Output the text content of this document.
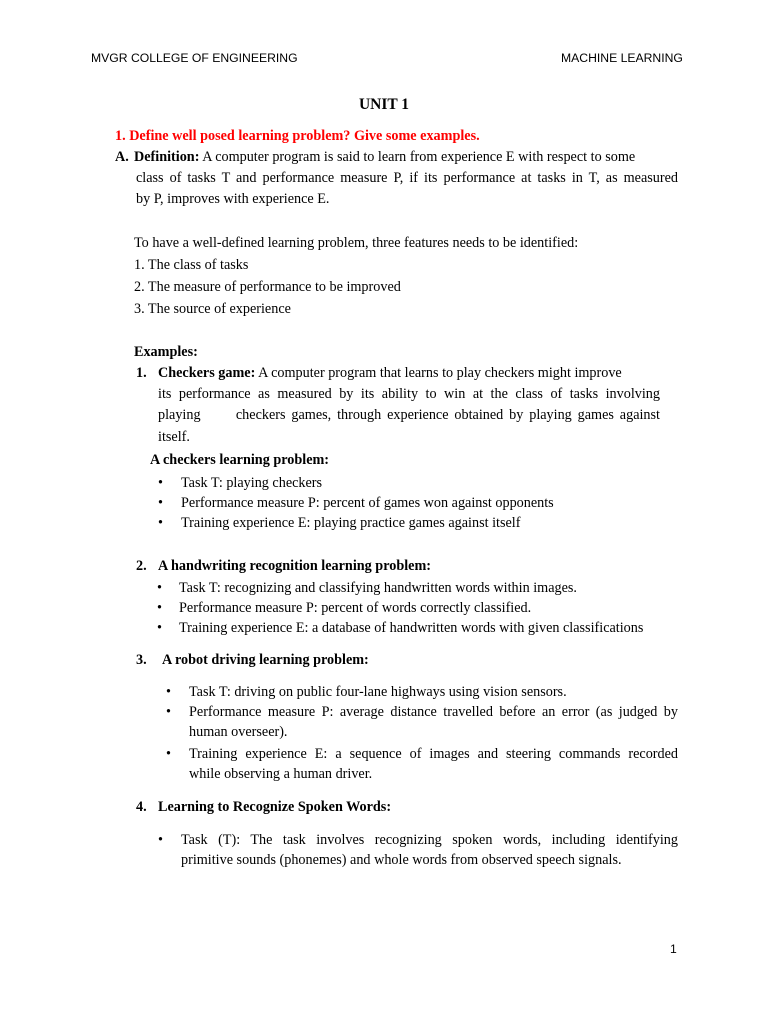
MVGR COLLEGE OF ENGINEERING	MACHINE LEARNING
UNIT 1
1. Define well posed learning problem? Give some examples.
A. Definition: A computer program is said to learn from experience E with respect to some
class of tasks T and performance measure P, if its performance at tasks in T, as measured
by P, improves with experience E.
To have a well-defined learning problem, three features needs to be identified:
1. The class of tasks
2. The measure of performance to be improved
3. The source of experience
Examples:
1. Checkers game: A computer program that learns to play checkers might improve
its performance as measured by its ability to win at the class of tasks involving
playing      checkers games, through experience obtained by playing games against
itself.
A checkers learning problem:
• Task T: playing checkers
• Performance measure P: percent of games won against opponents
• Training experience E: playing practice games against itself
2. A handwriting recognition learning problem:
• Task T: recognizing and classifying handwritten words within images.
• Performance measure P: percent of words correctly classified.
• Training experience E: a database of handwritten words with given classifications
3. A robot driving learning problem:
• Task T: driving on public four-lane highways using vision sensors.
• Performance measure P: average distance travelled before an error (as judged by
human overseer).
• Training experience E: a sequence of images and steering commands recorded
while observing a human driver.
4. Learning to Recognize Spoken Words:
• Task (T): The task involves recognizing spoken words, including identifying
primitive sounds (phonemes) and whole words from observed speech signals.
1
